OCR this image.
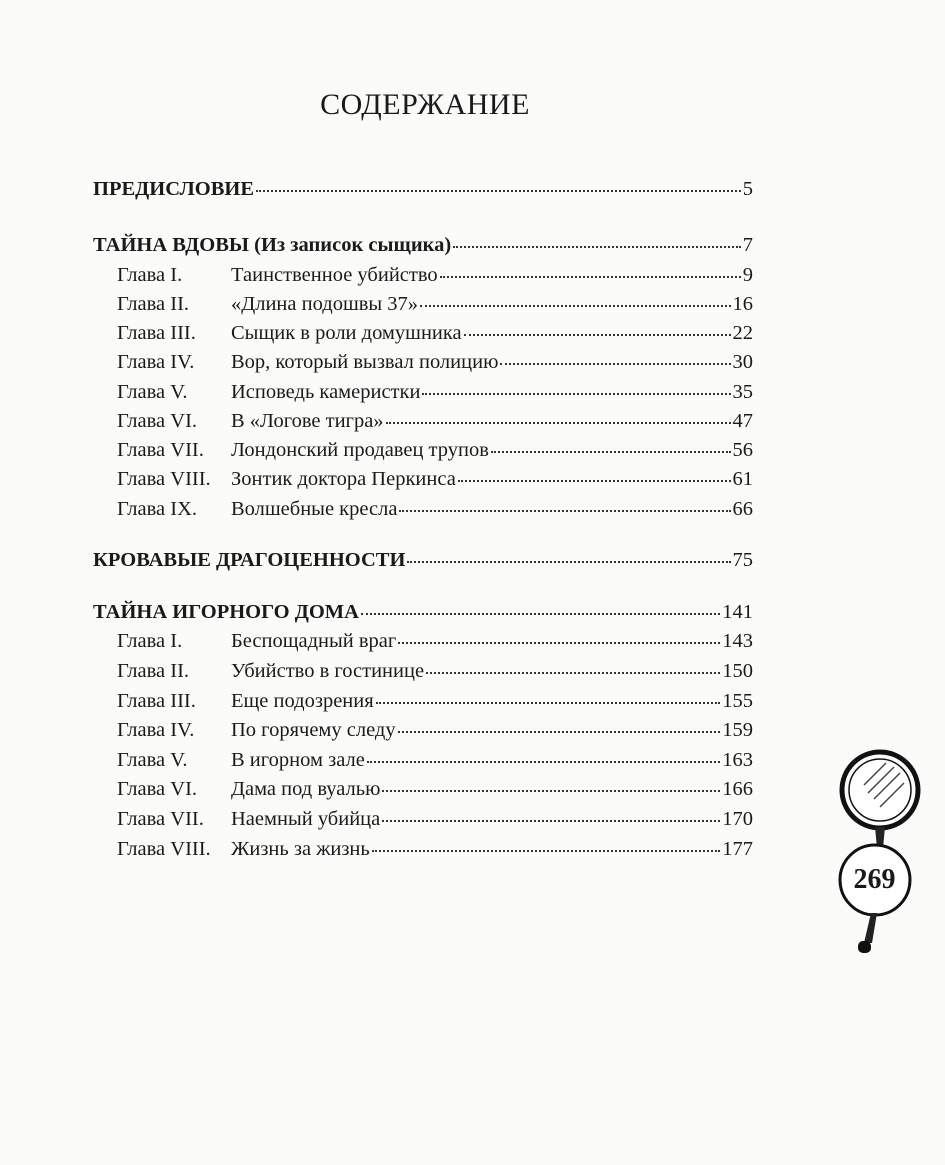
СОДЕРЖАНИЕ
ПРЕДИСЛОВИЕ	5
ТАЙНА ВДОВЫ (Из записок сыщика)	7
Глава I.	Таинственное убийство	9
Глава II.	«Длина подошвы 37»	16
Глава III.	Сыщик в роли домушника	22
Глава IV.	Вор, который вызвал полицию	30
Глава V.	Исповедь камеристки	35
Глава VI.	В «Логове тигра»	47
Глава VII.	Лондонский продавец трупов	56
Глава VIII. Зонтик доктора Перкинса	61
Глава IX.	Волшебные кресла	66
КРОВАВЫЕ ДРАГОЦЕННОСТИ	75
ТАЙНА ИГОРНОГО ДОМА	141
Глава I.	Беспощадный враг	143
Глава II.	Убийство в гостинице	150
Глава III.	Еще подозрения	155
Глава IV.	По горячему следу	159
Глава V.	В игорном зале	163
Глава VI.	Дама под вуалью	166
Глава VII.	Наемный убийца	170
Глава VIII. Жизнь за жизнь	177
269
